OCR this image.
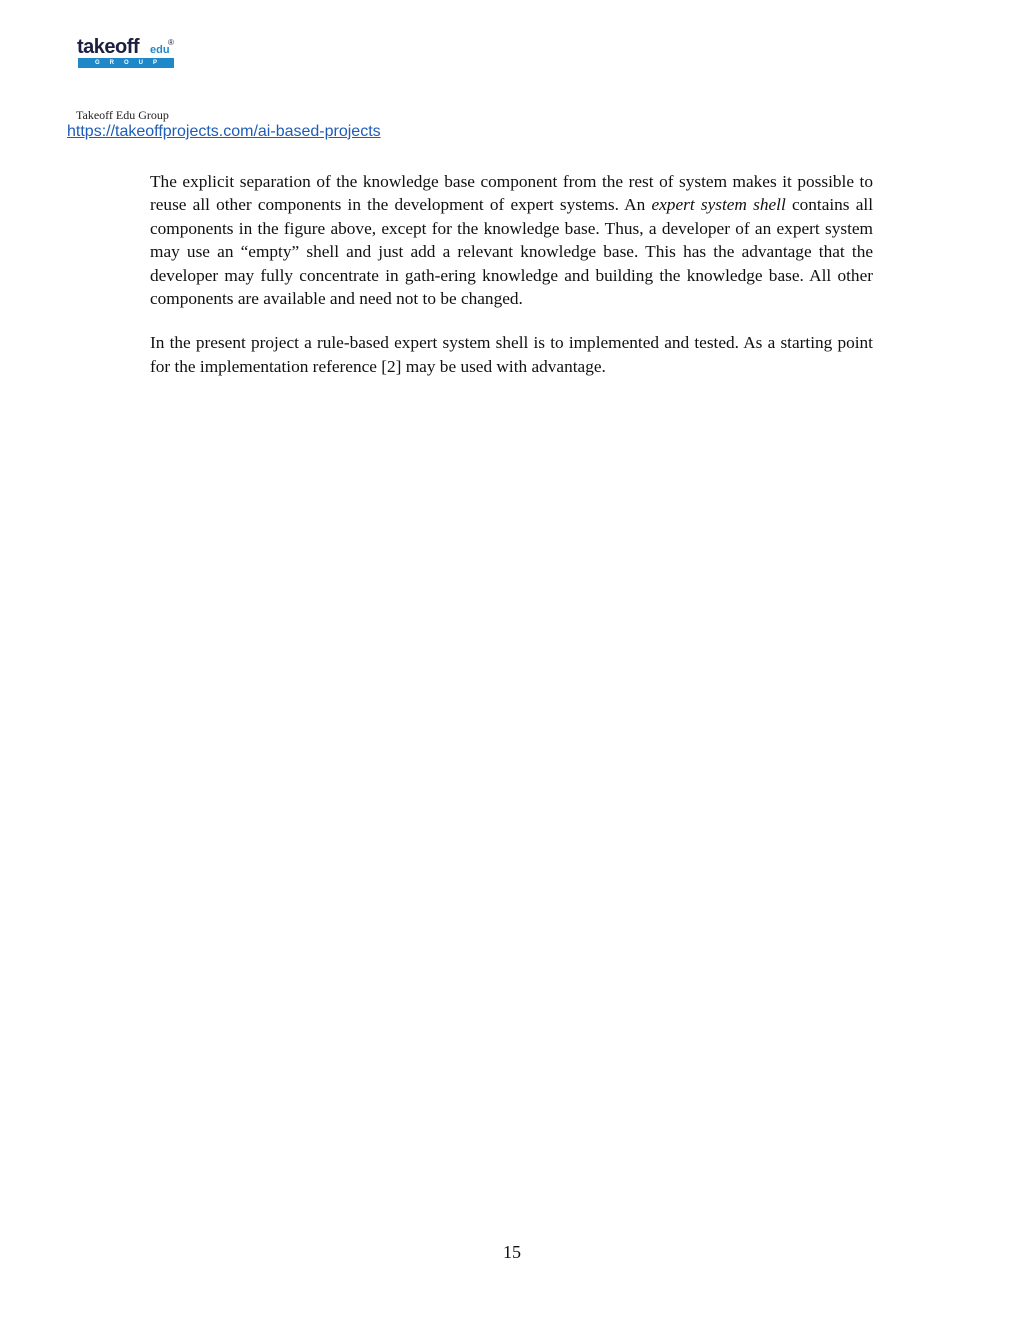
takeoff edu
®
GROUP
Takeoff Edu Group
https://takeoffprojects.com/ai-based-projects

The explicit separation of the knowledge base component from the rest of system makes it possible to reuse all other components in the development of expert systems. An expert system shell contains all components in the figure above, except for the knowledge base. Thus, a developer of an expert system may use an “empty” shell and just add a relevant knowledge base. This has the advantage that the developer may fully concentrate in gath-ering knowledge and building the knowledge base. All other components are available and need not to be changed.

In the present project a rule-based expert system shell is to implemented and tested. As a starting point for the implementation reference [2] may be used with advantage.

15
